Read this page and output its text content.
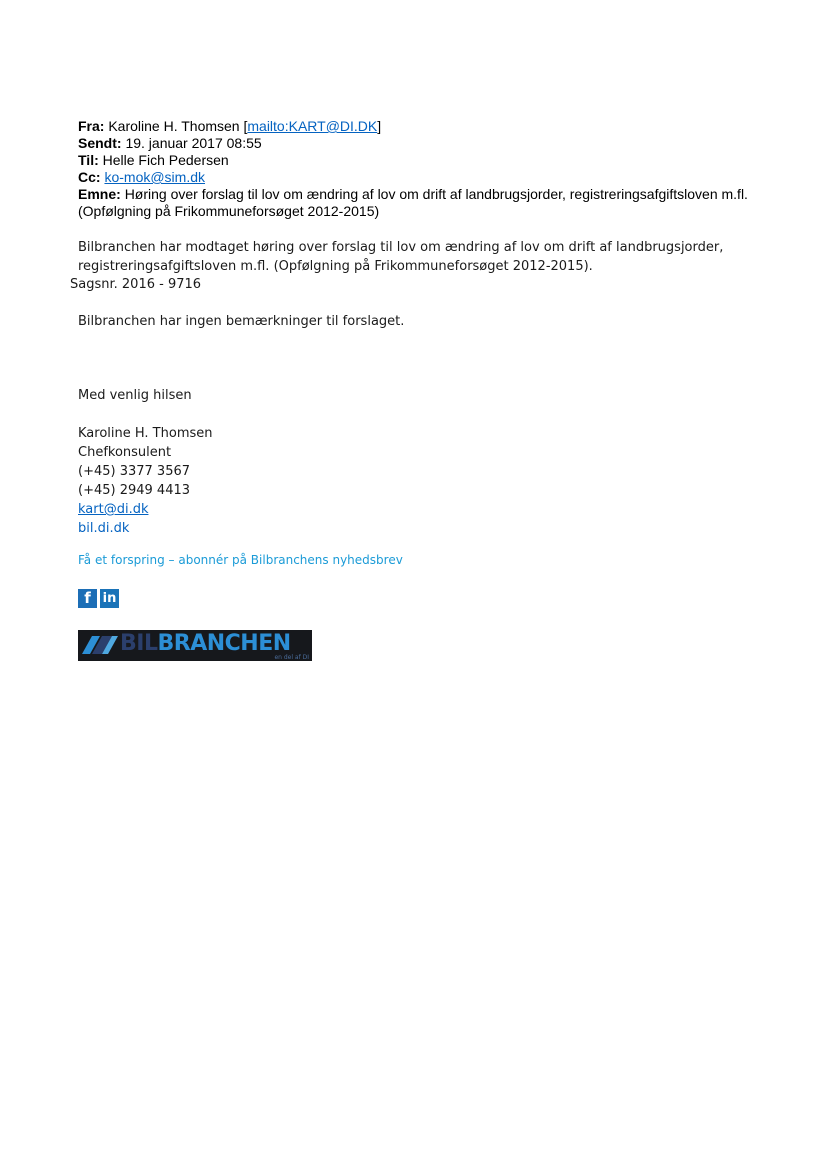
Fra: Karoline H. Thomsen [mailto:KART@DI.DK]
Sendt: 19. januar 2017 08:55
Til: Helle Fich Pedersen
Cc: ko-mok@sim.dk
Emne: Høring over forslag til lov om ændring af lov om drift af landbrugsjorder, registreringsafgiftsloven m.fl. (Opfølgning på Frikommuneforsøget 2012-2015)
Bilbranchen har modtaget høring over forslag til lov om ændring af lov om drift af landbrugsjorder,
registreringsafgiftsloven m.fl. (Opfølgning på Frikommuneforsøget 2012-2015).
Sagsnr. 2016 - 9716
Bilbranchen har ingen bemærkninger til forslaget.
Med venlig hilsen
Karoline H. Thomsen
Chefkonsulent
(+45) 3377 3567
(+45) 2949 4413
kart@di.dk
bil.di.dk
Få et forspring – abonnér på Bilbranchens nyhedsbrev
f in
BILBRANCHEN
en del af DI
